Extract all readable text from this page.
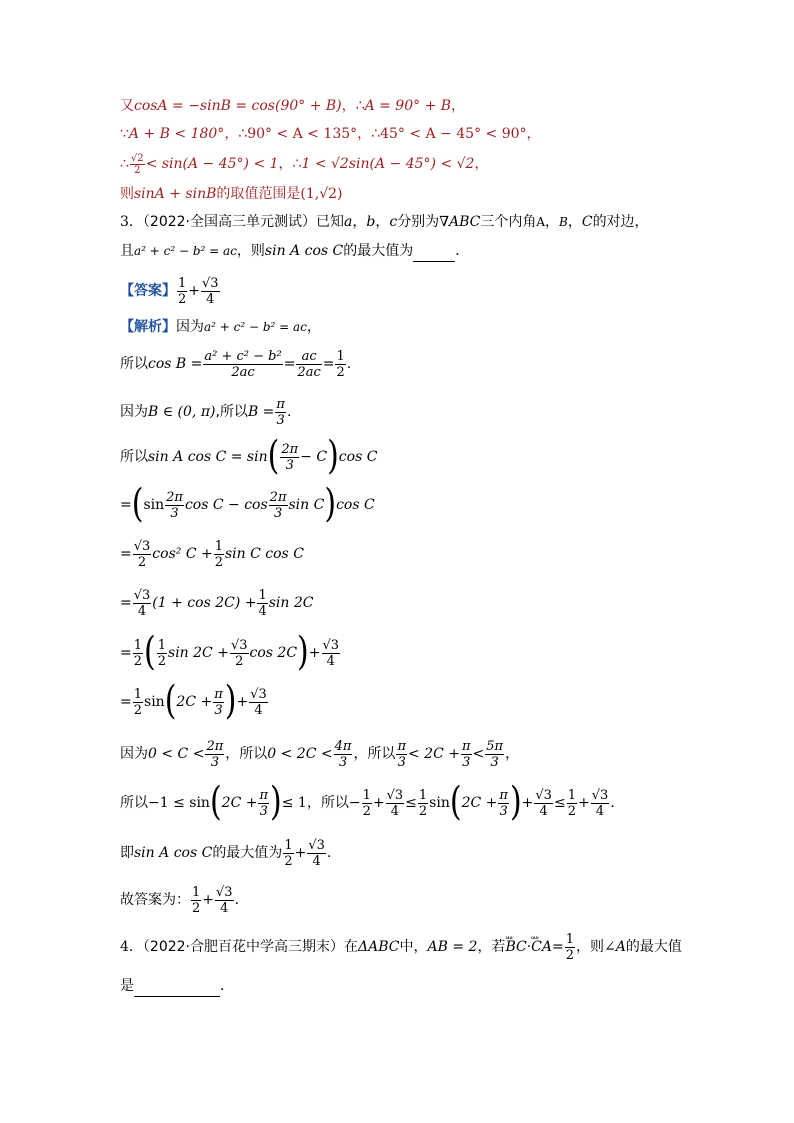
又cosA = −sinB = cos(90° + B)，∴A = 90° + B，
∵A + B < 180°，∴90° < A < 135°，∴45° < A − 45° < 90°，
∴ $\frac{√2}{2} < \sin(A - 45^\circ) < 1$，∴1 < √2sin(A − 45°) < √2，
则sinA + sinB的取值范围是(1,√2)
3．（2022·全国高三单元测试）已知a，b，c分别为∇ABC三个内角A，B，C的对边，
且a² + c² − b² = ac，则sin A cos C的最大值为	．
【答案】 $\frac{1}{2} + \frac{√3}{4}$
【解析】因为a² + c² − b² = ac，
所以$\cos B = \frac{\text{a² + c² − b²}}{2ac} = \frac{ac}{2ac} = \frac{1}{2}$ .
因为B ∈ (0, π),所以$B = \frac{\pi}{3}$ .
所以sin A $\cos C = \sin( \frac{2\pi}{3} - C)\cos$ C
$=(\sin \frac{2\pi}{3}$ $\cos C - \cos \frac{2\pi}{3}$ sin C)cos C
= $\frac{√3}{2} \cos^2$ $C + \frac{1}{2}$ sin C cos C
= $\frac{√3}{4} (1 + \cos 2C) + \frac{1}{4}$ sin 2C
= $\frac{1}{2}$ ( $\frac{1}{2}$ $\sin 2C + \frac{√3}{2}$ $\cos 2C)+ \frac{√3}{4}$
= $\frac{1}{2} \sin(2C + \frac{\pi}{3}$ )+ $\frac{√3}{4}$
因为$0 < C < \frac{2\pi}{3}$ ，所以$0 < 2C < \frac{4\pi}{3}$ ，所以 $\frac{\pi}{3} < 2C + \frac{\pi}{3} < \frac{5\pi}{3}$ ，
所以$-1 \le \sin(2C + \frac{\pi}{3}$ )≤ 1，所以− $\frac{1}{2} + \frac{√3}{4} \le \frac{1}{2} \sin(2C + \frac{\pi}{3}$ )+ $\frac{√3}{4} \le \frac{1}{2} + \frac{√3}{4}$ .
即sin A cos C的最大值为 $\frac{1}{2} + \frac{√3}{4}$ .
故答案为： $\frac{1}{2} + \frac{√3}{4}$ .
4．（2022·合肥百花中学高三期末）在ΔABC中，AB = 2，若ᵤᵤᵥ BC·ᵤᵤᵥ $CA= \frac{1}{2}$ ，则∠A的最大值
是	．
